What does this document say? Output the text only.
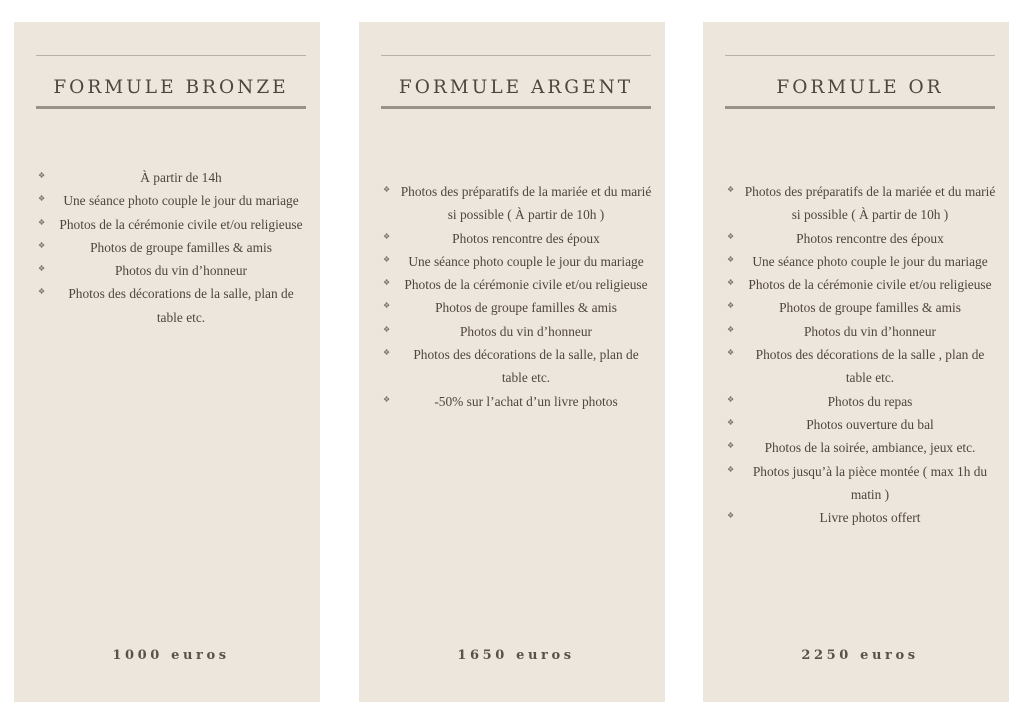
FORMULE BRONZE
❖	À partir de 14h
❖ Une séance photo couple le jour du mariage
❖ Photos de la cérémonie civile et/ou religieuse
❖	Photos de groupe familles & amis
❖	Photos du vin d’honneur
❖ Photos des décorations de la salle, plan de table etc.
1000 euros
FORMULE ARGENT
❖ Photos des préparatifs de la mariée et du marié si possible ( À partir de 10h )
❖	Photos rencontre des époux
❖ Une séance photo couple le jour du mariage
❖ Photos de la cérémonie civile et/ou religieuse
❖	Photos de groupe familles & amis
❖	Photos du vin d’honneur
❖ Photos des décorations de la salle, plan de table etc.
❖	-50% sur l’achat d’un livre photos
1650 euros
FORMULE OR
❖ Photos des préparatifs de la mariée et du marié si possible ( À partir de 10h )
❖	Photos rencontre des époux
❖ Une séance photo couple le jour du mariage
❖ Photos de la cérémonie civile et/ou religieuse
❖	Photos de groupe familles & amis
❖	Photos du vin d’honneur
❖ Photos des décorations de la salle , plan de table etc.
❖	Photos du repas
❖	Photos ouverture du bal
❖ Photos de la soirée, ambiance, jeux etc.
❖ Photos jusqu’à la pièce montée ( max 1h du matin )
❖	Livre photos offert
2250 euros
